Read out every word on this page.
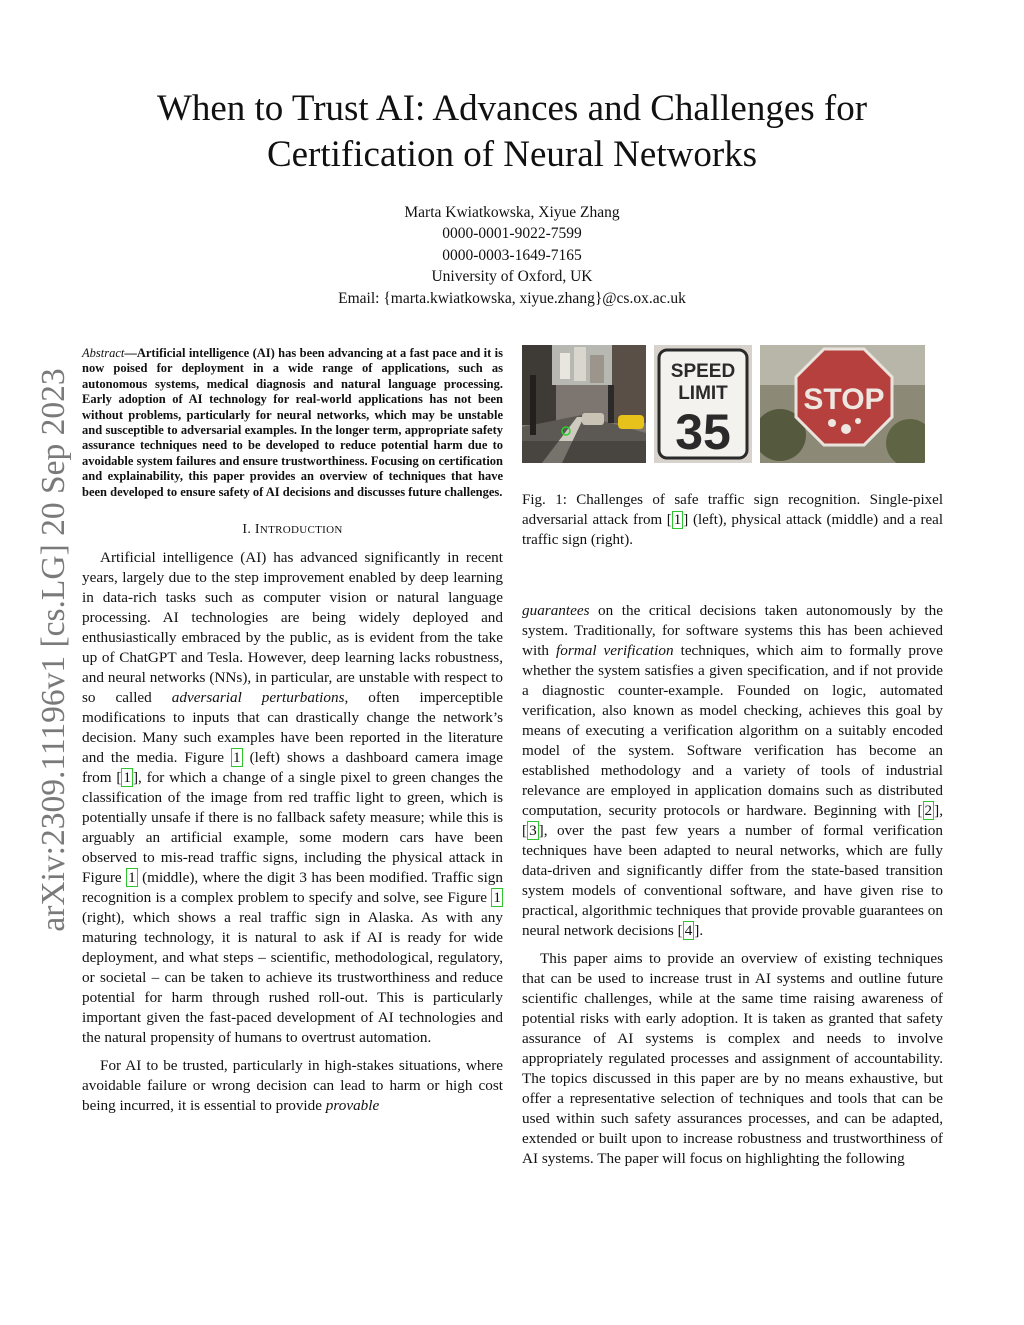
arXiv:2309.11196v1 [cs.LG] 20 Sep 2023
When to Trust AI: Advances and Challenges for
Certification of Neural Networks
Marta Kwiatkowska, Xiyue Zhang
0000-0001-9022-7599
0000-0003-1649-7165
University of Oxford, UK
Email: {marta.kwiatkowska, xiyue.zhang}@cs.ox.ac.uk

Abstract—Artificial intelligence (AI) has been advancing at a fast pace and it is now poised for deployment in a wide range of applications, such as autonomous systems, medical diagnosis and natural language processing. Early adoption of AI technology for real-world applications has not been without problems, particularly for neural networks, which may be unstable and susceptible to adversarial examples. In the longer term, appropriate safety assurance techniques need to be developed to reduce potential harm due to avoidable system failures and ensure trustworthiness. Focusing on certification and explainability, this paper provides an overview of techniques that have been developed to ensure safety of AI decisions and discusses future challenges.

I. INTRODUCTION

Artificial intelligence (AI) has advanced significantly in recent years, largely due to the step improvement enabled by deep learning in data-rich tasks such as computer vision or natural language processing. AI technologies are being widely deployed and enthusiastically embraced by the public, as is evident from the take up of ChatGPT and Tesla. However, deep learning lacks robustness, and neural networks (NNs), in particular, are unstable with respect to so called adversarial perturbations, often imperceptible modifications to inputs that can drastically change the network’s decision. Many such examples have been reported in the literature and the media. Figure 1 (left) shows a dashboard camera image from [ 1 ], for which a change of a single pixel to green changes the classification of the image from red traffic light to green, which is potentially unsafe if there is no fallback safety measure; while this is arguably an artificial example, some modern cars have been observed to mis-read traffic signs, including the physical attack in Figure 1 (middle), where the digit 3 has been modified. Traffic sign recognition is a complex problem to specify and solve, see Figure 1 (right), which shows a real traffic sign in Alaska. As with any maturing technology, it is natural to ask if AI is ready for wide deployment, and what steps – scientific, methodological, regulatory, or societal – can be taken to achieve its trustworthiness and reduce potential for harm through rushed roll-out. This is particularly important given the fast-paced development of AI technologies and the natural propensity of humans to overtrust automation.

For AI to be trusted, particularly in high-stakes situations, where avoidable failure or wrong decision can lead to harm or high cost being incurred, it is essential to provide provable

SPEED
LIMIT
35
STOP
Fig. 1: Challenges of safe traffic sign recognition. Single-pixel adversarial attack from [ 1 ] (left), physical attack (middle) and a real traffic sign (right).

guarantees on the critical decisions taken autonomously by the system. Traditionally, for software systems this has been achieved with formal verification techniques, which aim to formally prove whether the system satisfies a given specification, and if not provide a diagnostic counter-example. Founded on logic, automated verification, also known as model checking, achieves this goal by means of executing a verification algorithm on a suitably encoded model of the system. Software verification has become an established methodology and a variety of tools of industrial relevance are employed in application domains such as distributed computation, security protocols or hardware. Beginning with [ 2 ], [ 3 ], over the past few years a number of formal verification techniques have been adapted to neural networks, which are fully data-driven and significantly differ from the state-based transition system models of conventional software, and have given rise to practical, algorithmic techniques that provide provable guarantees on neural network decisions [ 4 ].

This paper aims to provide an overview of existing techniques that can be used to increase trust in AI systems and outline future scientific challenges, while at the same time raising awareness of potential risks with early adoption. It is taken as granted that safety assurance of AI systems is complex and needs to involve appropriately regulated processes and assignment of accountability. The topics discussed in this paper are by no means exhaustive, but offer a representative selection of techniques and tools that can be used within such safety assurances processes, and can be adapted, extended or built upon to increase robustness and trustworthiness of AI systems. The paper will focus on highlighting the following
